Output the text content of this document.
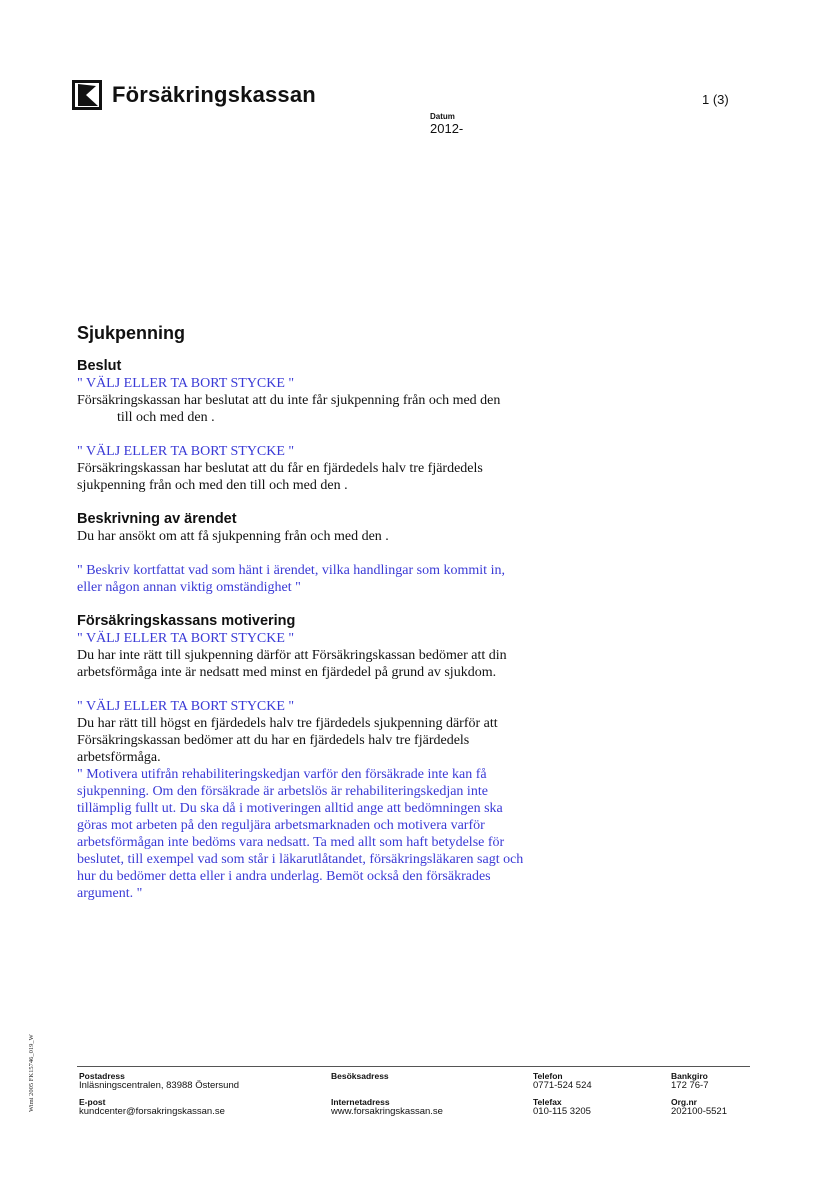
Försäkringskassan	1 (3)
Datum
2012-
Sjukpenning
Beslut

" VÄLJ ELLER TA BORT STYCKE "

Försäkringskassan har beslutat att du inte får sjukpenning från och med den

till och med den .

" VÄLJ ELLER TA BORT STYCKE "

Försäkringskassan har beslutat att du får en fjärdedels halv tre fjärdedels

sjukpenning från och med den till och med den .

Beskrivning av ärendet

Du har ansökt om att få sjukpenning från och med den .

" Beskriv kortfattat vad som hänt i ärendet, vilka handlingar som kommit in,

eller någon annan viktig omständighet "

Försäkringskassans motivering

" VÄLJ ELLER TA BORT STYCKE "

Du har inte rätt till sjukpenning därför att Försäkringskassan bedömer att din

arbetsförmåga inte är nedsatt med minst en fjärdedel på grund av sjukdom.

" VÄLJ ELLER TA BORT STYCKE "

Du har rätt till högst en fjärdedels halv tre fjärdedels sjukpenning därför att

Försäkringskassan bedömer att du har en fjärdedels halv tre fjärdedels

arbetsförmåga.

" Motivera utifrån rehabiliteringskedjan varför den försäkrade inte kan få

sjukpenning. Om den försäkrade är arbetslös är rehabiliteringskedjan inte

tillämplig fullt ut. Du ska då i motiveringen alltid ange att bedömningen ska

göras mot arbeten på den reguljära arbetsmarknaden och motivera varför

arbetsförmågan inte bedöms vara nedsatt. Ta med allt som haft betydelse för

beslutet, till exempel vad som står i läkarutlåtandet, försäkringsläkaren sagt och

hur du bedömer detta eller i andra underlag. Bemöt också den försäkrades

argument. "

Wimi 2005 FK15746_019_W	Postadress
Inläsningscentralen, 83988 Östersund
E-post
kundcenter@forsakringskassan.se
Besöksadress

Internetadress
www.forsakringskassan.se
Telefon
0771-524 524
Telefax
010-115 3205
Bankgiro
172 76-7
Org.nr
202100-5521
